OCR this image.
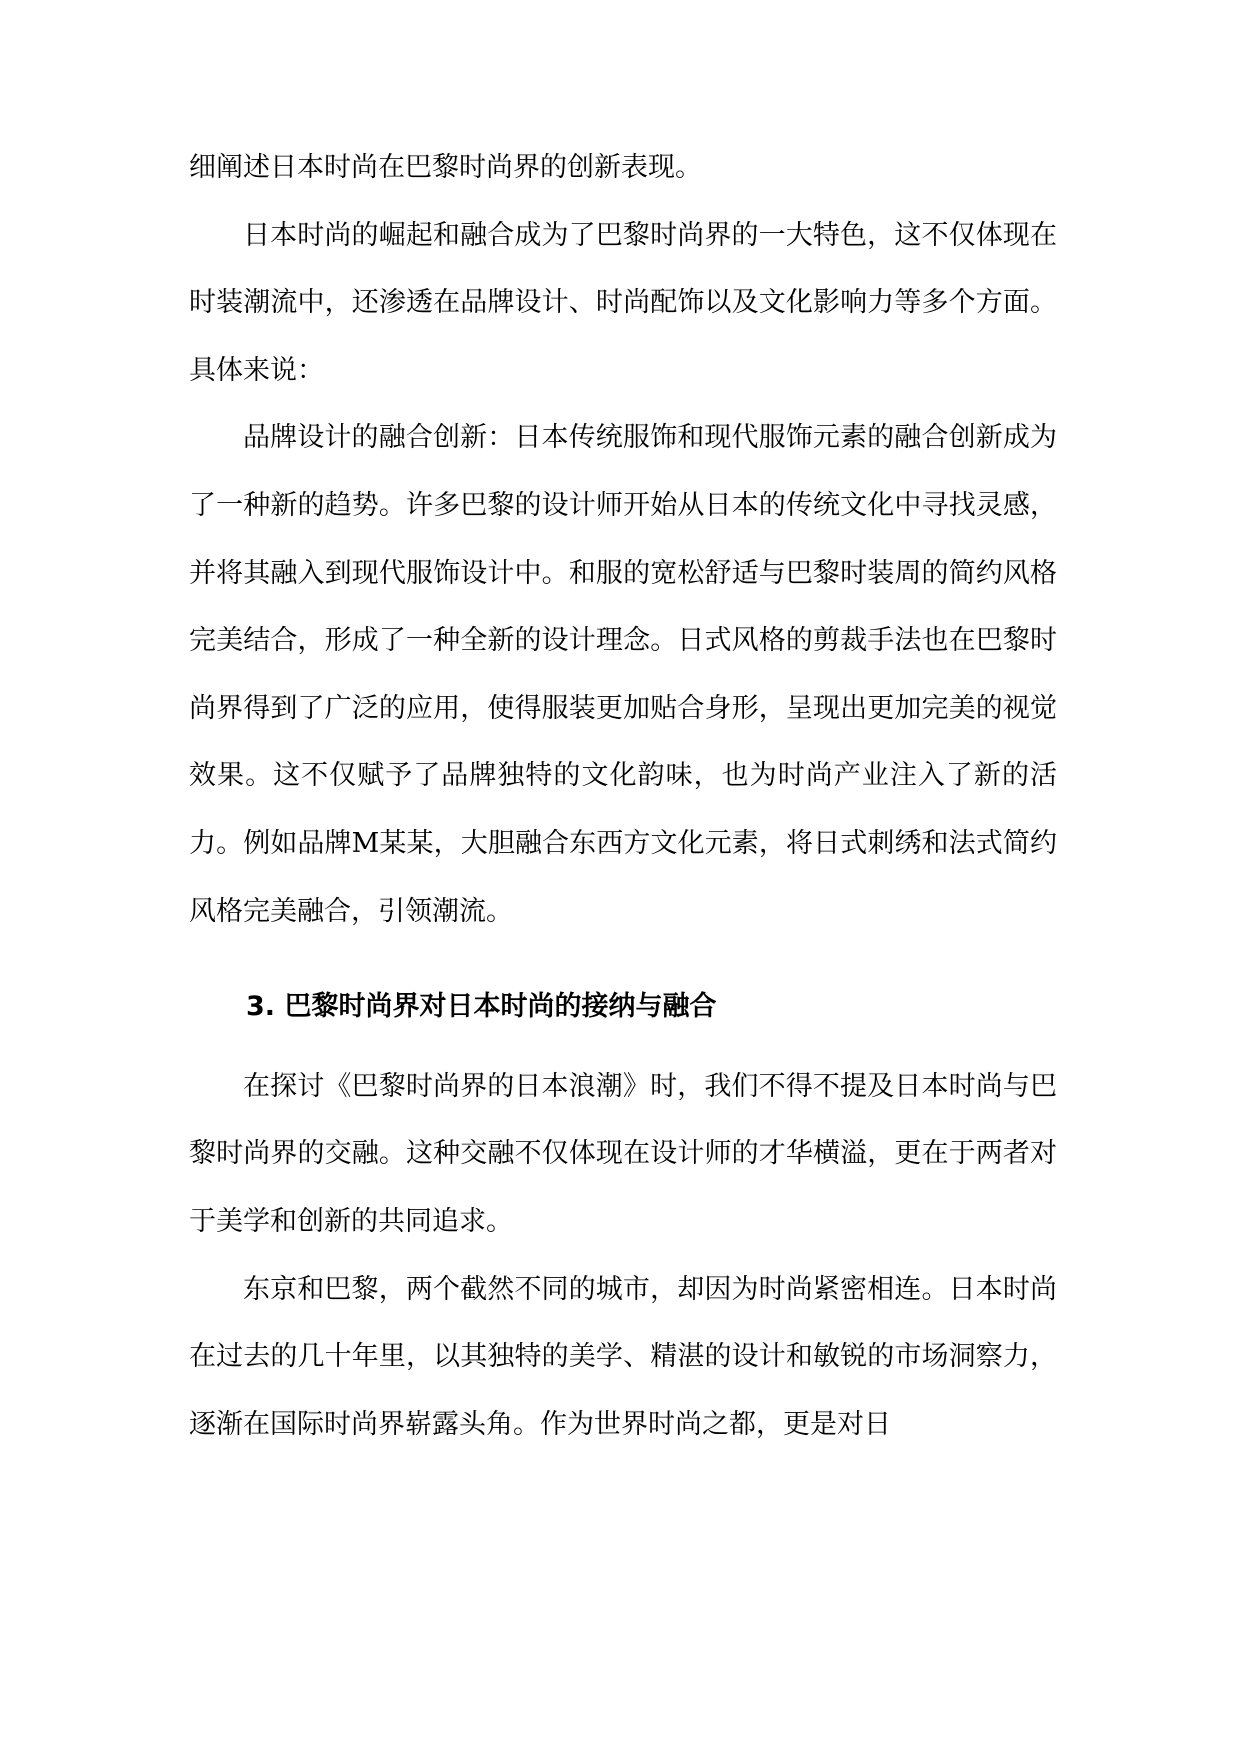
细阐述日本时尚在巴黎时尚界的创新表现。

日本时尚的崛起和融合成为了巴黎时尚界的一大特色，这不仅体现在时装潮流中，还渗透在品牌设计、时尚配饰以及文化影响力等多个方面。具体来说：

品牌设计的融合创新：日本传统服饰和现代服饰元素的融合创新成为了一种新的趋势。许多巴黎的设计师开始从日本的传统文化中寻找灵感，并将其融入到现代服饰设计中。和服的宽松舒适与巴黎时装周的简约风格完美结合，形成了一种全新的设计理念。日式风格的剪裁手法也在巴黎时尚界得到了广泛的应用，使得服装更加贴合身形，呈现出更加完美的视觉效果。这不仅赋予了品牌独特的文化韵味，也为时尚产业注入了新的活力。例如品牌M某某，大胆融合东西方文化元素，将日式刺绣和法式简约风格完美融合，引领潮流。

3. 巴黎时尚界对日本时尚的接纳与融合

在探讨《巴黎时尚界的日本浪潮》时，我们不得不提及日本时尚与巴黎时尚界的交融。这种交融不仅体现在设计师的才华横溢，更在于两者对于美学和创新的共同追求。

东京和巴黎，两个截然不同的城市，却因为时尚紧密相连。日本时尚在过去的几十年里，以其独特的美学、精湛的设计和敏锐的市场洞察力，逐渐在国际时尚界崭露头角。作为世界时尚之都，更是对日
